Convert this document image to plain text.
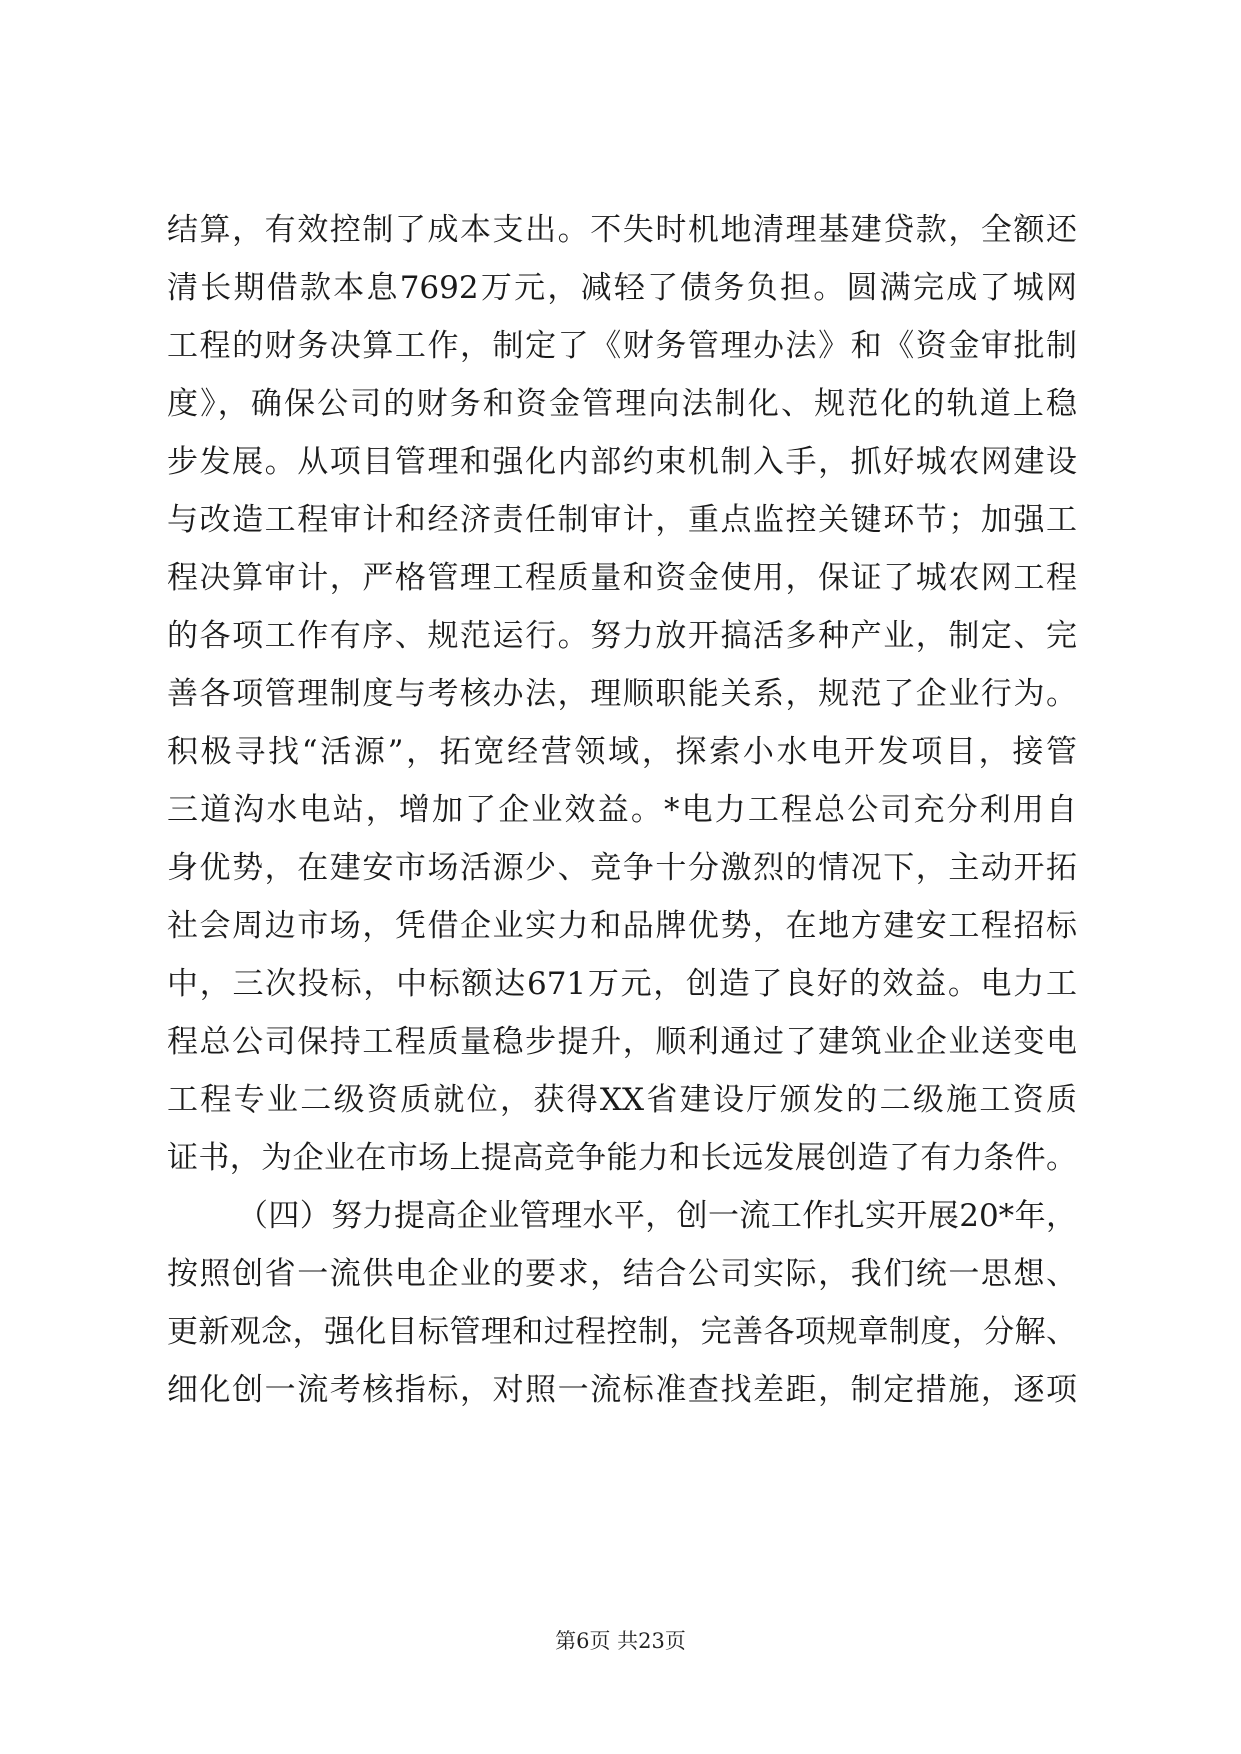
结算，有效控制了成本支出。不失时机地清理基建贷款，全额还
清长期借款本息7692万元，减轻了债务负担。圆满完成了城网
工程的财务决算工作，制定了《财务管理办法》和《资金审批制
度》，确保公司的财务和资金管理向法制化、规范化的轨道上稳
步发展。从项目管理和强化内部约束机制入手，抓好城农网建设
与改造工程审计和经济责任制审计，重点监控关键环节；加强工
程决算审计，严格管理工程质量和资金使用，保证了城农网工程
的各项工作有序、规范运行。努力放开搞活多种产业，制定、完
善各项管理制度与考核办法，理顺职能关系，规范了企业行为。
积极寻找“活源”，拓宽经营领域，探索小水电开发项目，接管
三道沟水电站，增加了企业效益。*电力工程总公司充分利用自
身优势，在建安市场活源少、竞争十分激烈的情况下，主动开拓
社会周边市场，凭借企业实力和品牌优势，在地方建安工程招标
中，三次投标，中标额达671万元，创造了良好的效益。电力工
程总公司保持工程质量稳步提升，顺利通过了建筑业企业送变电
工程专业二级资质就位，获得XX省建设厅颁发的二级施工资质
证书，为企业在市场上提高竞争能力和长远发展创造了有力条件。
（四）努力提高企业管理水平，创一流工作扎实开展20*年，
按照创省一流供电企业的要求，结合公司实际，我们统一思想、
更新观念，强化目标管理和过程控制，完善各项规章制度，分解、
细化创一流考核指标，对照一流标准查找差距，制定措施，逐项
第6页 共23页
